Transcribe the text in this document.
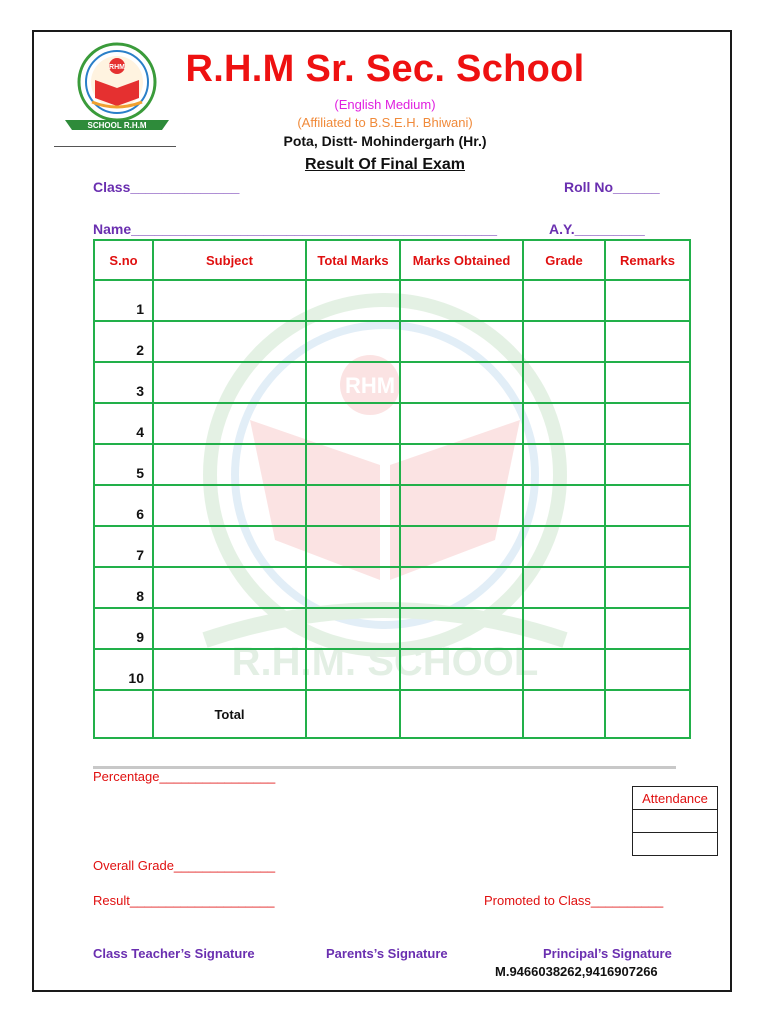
RHM
SCHOOL R.H.M
R.H.M Sr. Sec. School
(English Medium)
(Affiliated to B.S.E.H. Bhiwani)
Pota, Distt- Mohindergarh (Hr.)
Result Of Final Exam
Class______________	Roll No______
Name_______________________________________________	A.Y._________
RHM
R.H.M. SCHOOL
S.no	Subject	Total Marks	Marks Obtained	Grade	Remarks
1					
2					
3					
4					
5					
6					
7					
8					
9					
10					
	Total				
Percentage________________
Attendance

Overall Grade______________
Result____________________	Promoted to Class__________
Class Teacher’s Signature	Parents’s Signature	Principal’s Signature
M.9466038262,9416907266
